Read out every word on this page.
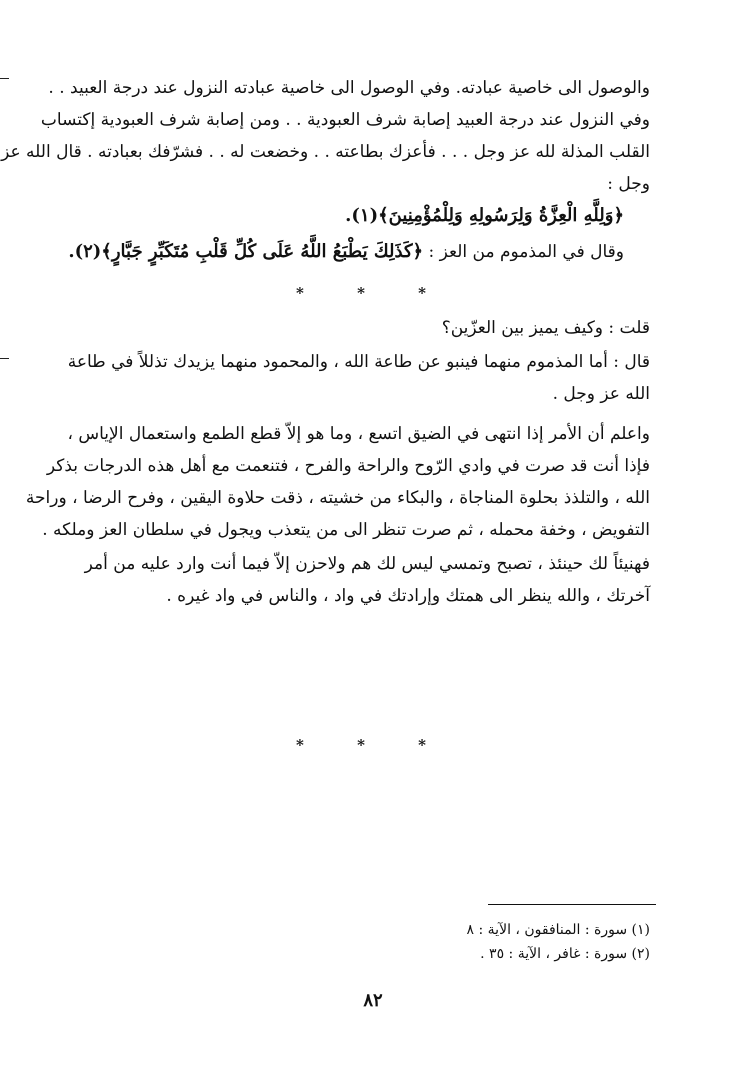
والوصول الى خاصية عبادته. وفي الوصول الى خاصية عبادته النزول عند درجة العبيد . .
وفي النزول عند درجة العبيد إصابة شرف العبودية . . ومن إصابة شرف العبودية إكتساب
القلب المذلة لله عز وجل . . . فأعزك بطاعته . . وخضعت له . . فشرّفك بعبادته . قال الله عز
وجل :
﴿وَلِلَّهِ الْعِزَّةُ وَلِرَسُولِهِ وَلِلْمُؤْمِنِينَ﴾(١).
وقال في المذموم من العز : ﴿كَذَلِكَ يَطْبَعُ اللَّهُ عَلَى كُلِّ قَلْبِ مُتَكَبِّرٍ جَبَّارٍ﴾(٢).
* * *
قلت : وكيف يميز بين العزّين؟
قال : أما المذموم منهما فينبو عن طاعة الله ، والمحمود منهما يزيدك تذللاً في طاعة
الله عز وجل .
واعلم أن الأمر إذا انتهى في الضيق اتسع ، وما هو إلاّ قطع الطمع واستعمال الإياس ،
فإذا أنت قد صرت في وادي الرّوح والراحة والفرح ، فتنعمت مع أهل هذه الدرجات بذكر
الله ، والتلذذ بحلوة المناجاة ، والبكاء من خشيته ، ذقت حلاوة اليقين ، وفرح الرضا ، وراحة
التفويض ، وخفة محمله ، ثم صرت تنظر الى من يتعذب ويجول في سلطان العز وملكه .
فهنيئاً لك حينئذ ، تصبح وتمسي ليس لك هم ولاحزن إلاّ فيما أنت وارد عليه من أمر
آخرتك ، والله ينظر الى همتك وإرادتك في واد ، والناس في واد غيره .
* * *
(١) سورة : المنافقون ، الآية : ٨
(٢) سورة : غافر ، الآية : ٣٥ .
٨٢
